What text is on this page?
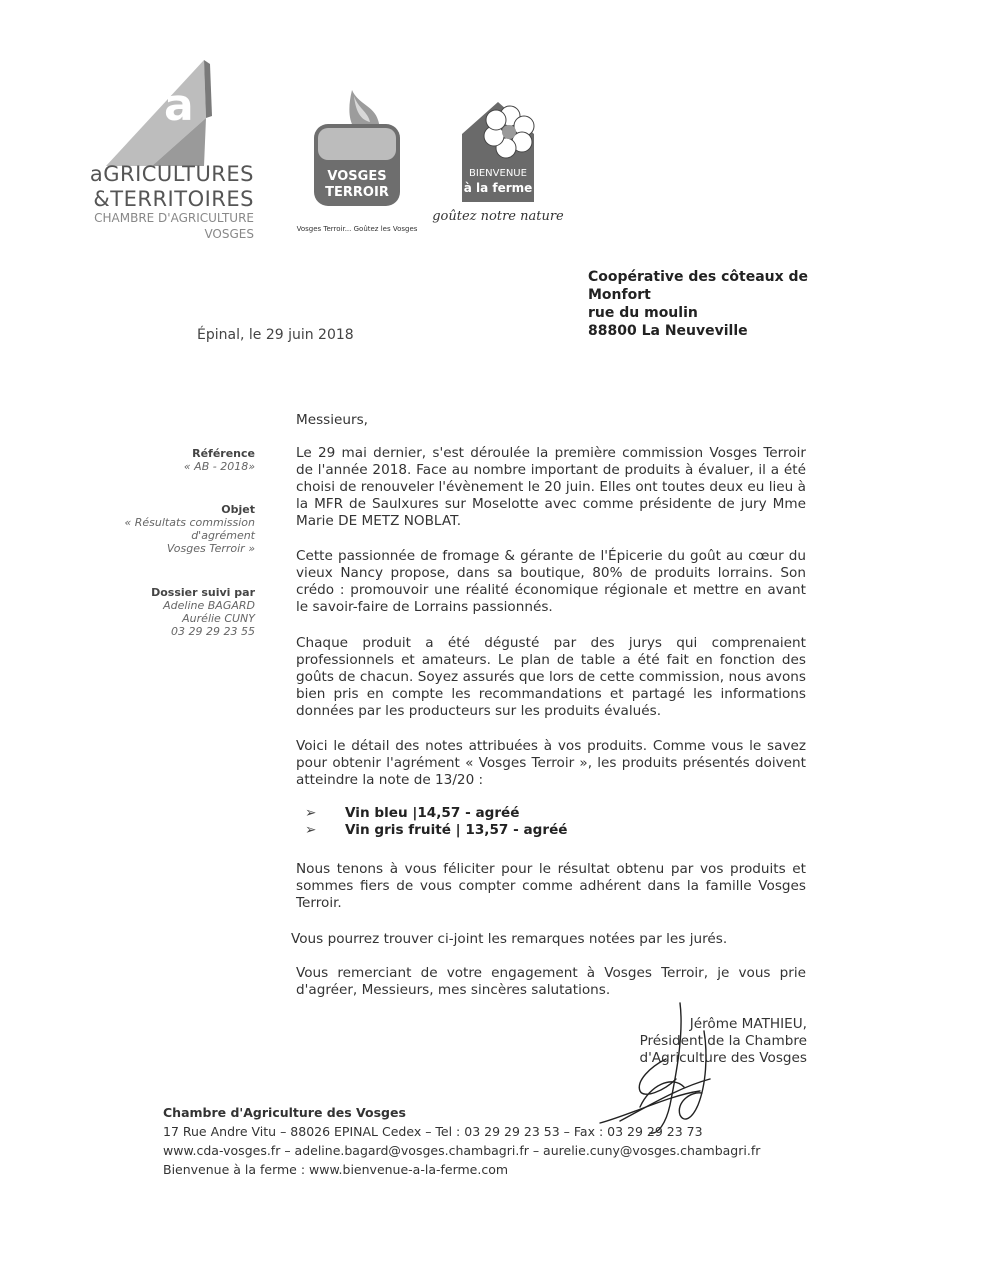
a
aGRICULTURES
&TERRITOIRES
CHAMBRE D'AGRICULTURE
VOSGES
VOSGES
TERROIR
Vosges Terroir... Goûtez les Vosges
BIENVENUE
à la ferme
goûtez notre nature
Coopérative des côteaux de
Monfort
rue du moulin
88800 La Neuveville
Épinal, le 29 juin 2018
Référence
« AB - 2018»
Objet
« Résultats commission
d'agrément
Vosges Terroir »
Dossier suivi par
Adeline BAGARD
Aurélie CUNY
03 29 29 23 55
Messieurs,
Le 29 mai dernier, s'est déroulée la première commission Vosges Terroir de l'année 2018. Face au nombre important de produits à évaluer, il a été choisi de renouveler l'évènement le 20 juin. Elles ont toutes deux eu lieu à la MFR de Saulxures sur Moselotte avec comme présidente de jury Mme Marie DE METZ NOBLAT.
Cette passionnée de fromage & gérante de l'Épicerie du goût au cœur du vieux Nancy propose, dans sa boutique, 80% de produits lorrains. Son crédo : promouvoir une réalité économique régionale et mettre en avant le savoir-faire de Lorrains passionnés.
Chaque produit a été dégusté par des jurys qui comprenaient professionnels et amateurs. Le plan de table a été fait en fonction des goûts de chacun. Soyez assurés que lors de cette commission, nous avons bien pris en compte les recommandations et partagé les informations données par les producteurs sur les produits évalués.
Voici le détail des notes attribuées à vos produits. Comme vous le savez pour obtenir l'agrément « Vosges Terroir », les produits présentés doivent atteindre la note de 13/20 :
➢ Vin bleu |14,57 - agréé
➢ Vin gris fruité | 13,57 - agréé
Nous tenons à vous féliciter pour le résultat obtenu par vos produits et sommes fiers de vous compter comme adhérent dans la famille Vosges Terroir.
Vous pourrez trouver ci-joint les remarques notées par les jurés.
Vous remerciant de votre engagement à Vosges Terroir, je vous prie d'agréer, Messieurs, mes sincères salutations.
Jérôme MATHIEU,
Président de la Chambre
d'Agriculture des Vosges
Chambre d'Agriculture des Vosges
17 Rue Andre Vitu – 88026 EPINAL Cedex – Tel : 03 29 29 23 53 – Fax : 03 29 29 23 73
www.cda-vosges.fr – adeline.bagard@vosges.chambagri.fr – aurelie.cuny@vosges.chambagri.fr
Bienvenue à la ferme : www.bienvenue-a-la-ferme.com
